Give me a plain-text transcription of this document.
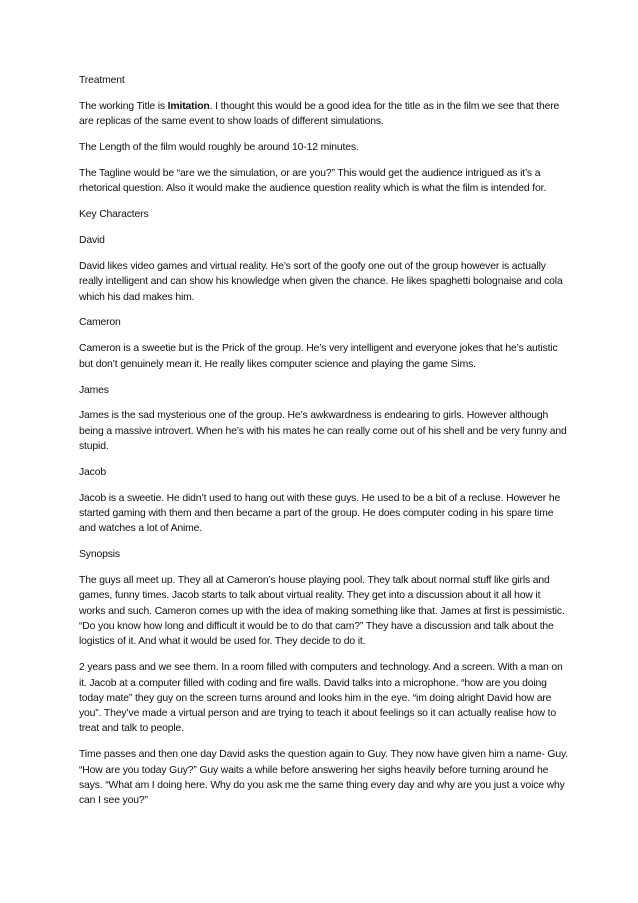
Treatment

The working Title is Imitation. I thought this would be a good idea for the title as in the film we see that there are replicas of the same event to show loads of different simulations.

The Length of the film would roughly be around 10-12 minutes.

The Tagline would be “are we the simulation, or are you?” This would get the audience intrigued as it’s a rhetorical question. Also it would make the audience question reality which is what the film is intended for.

Key Characters

David

David likes video games and virtual reality. He’s sort of the goofy one out of the group however is actually really intelligent and can show his knowledge when given the chance. He likes spaghetti bolognaise and cola which his dad makes him.

Cameron

Cameron is a sweetie but is the Prick of the group. He’s very intelligent and everyone jokes that he’s autistic but don’t genuinely mean it. He really likes computer science and playing the game Sims.

James

James is the sad mysterious one of the group. He’s awkwardness is endearing to girls. However although being a massive introvert. When he’s with his mates he can really come out of his shell and be very funny and stupid.

Jacob

Jacob is a sweetie. He didn’t used to hang out with these guys. He used to be a bit of a recluse. However he started gaming with them and then became a part of the group. He does computer coding in his spare time and watches a lot of Anime.

Synopsis

The guys all meet up. They all at Cameron’s house playing pool. They talk about normal stuff like girls and games, funny times. Jacob starts to talk about virtual reality. They get into a discussion about it all how it works and such. Cameron comes up with the idea of making something like that. James at first is pessimistic. “Do you know how long and difficult it would be to do that cam?” They have a discussion and talk about the logistics of it. And what it would be used for. They decide to do it.

2 years pass and we see them. In a room filled with computers and technology. And a screen. With a man on it. Jacob at a computer filled with coding and fire walls. David talks into a microphone. “how are you doing today mate” they guy on the screen turns around and looks him in the eye. “im doing alright David how are you”. They’ve made a virtual person and are trying to teach it about feelings so it can actually realise how to treat and talk to people.

Time passes and then one day David asks the question again to Guy. They now have given him a name- Guy. “How are you today Guy?” Guy waits a while before answering her sighs heavily before turning around he says. “What am I doing here. Why do you ask me the same thing every day and why are you just a voice why can I see you?”
